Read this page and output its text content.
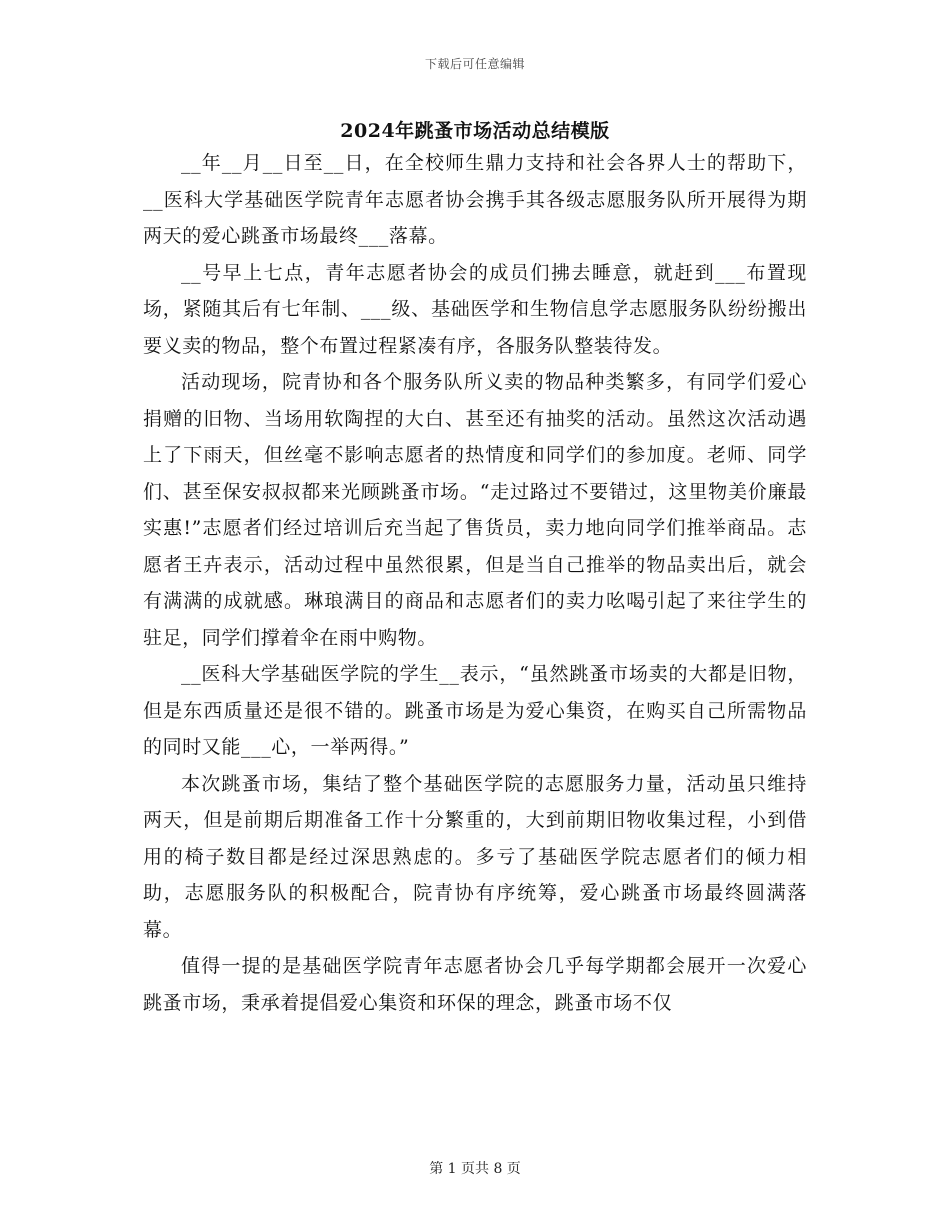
下载后可任意编辑
2024年跳蚤市场活动总结模版

__年__月__日至__日，在全校师生鼎力支持和社会各界人士的帮助下，__医科大学基础医学院青年志愿者协会携手其各级志愿服务队所开展得为期两天的爱心跳蚤市场最终___落幕。

__号早上七点，青年志愿者协会的成员们拂去睡意，就赶到___布置现场，紧随其后有七年制、___级、基础医学和生物信息学志愿服务队纷纷搬出要义卖的物品，整个布置过程紧凑有序，各服务队整装待发。

活动现场，院青协和各个服务队所义卖的物品种类繁多，有同学们爱心捐赠的旧物、当场用软陶捏的大白、甚至还有抽奖的活动。虽然这次活动遇上了下雨天，但丝毫不影响志愿者的热情度和同学们的参加度。老师、同学们、甚至保安叔叔都来光顾跳蚤市场。“走过路过不要错过，这里物美价廉最实惠!”志愿者们经过培训后充当起了售货员，卖力地向同学们推举商品。志愿者王卉表示，活动过程中虽然很累，但是当自己推举的物品卖出后，就会有满满的成就感。琳琅满目的商品和志愿者们的卖力吆喝引起了来往学生的驻足，同学们撑着伞在雨中购物。

__医科大学基础医学院的学生__表示，“虽然跳蚤市场卖的大都是旧物，但是东西质量还是很不错的。跳蚤市场是为爱心集资，在购买自己所需物品的同时又能___心，一举两得。”

本次跳蚤市场，集结了整个基础医学院的志愿服务力量，活动虽只维持两天，但是前期后期准备工作十分繁重的，大到前期旧物收集过程，小到借用的椅子数目都是经过深思熟虑的。多亏了基础医学院志愿者们的倾力相助，志愿服务队的积极配合，院青协有序统筹，爱心跳蚤市场最终圆满落幕。

值得一提的是基础医学院青年志愿者协会几乎每学期都会展开一次爱心跳蚤市场，秉承着提倡爱心集资和环保的理念，跳蚤市场不仅

第 1 页共 8 页
